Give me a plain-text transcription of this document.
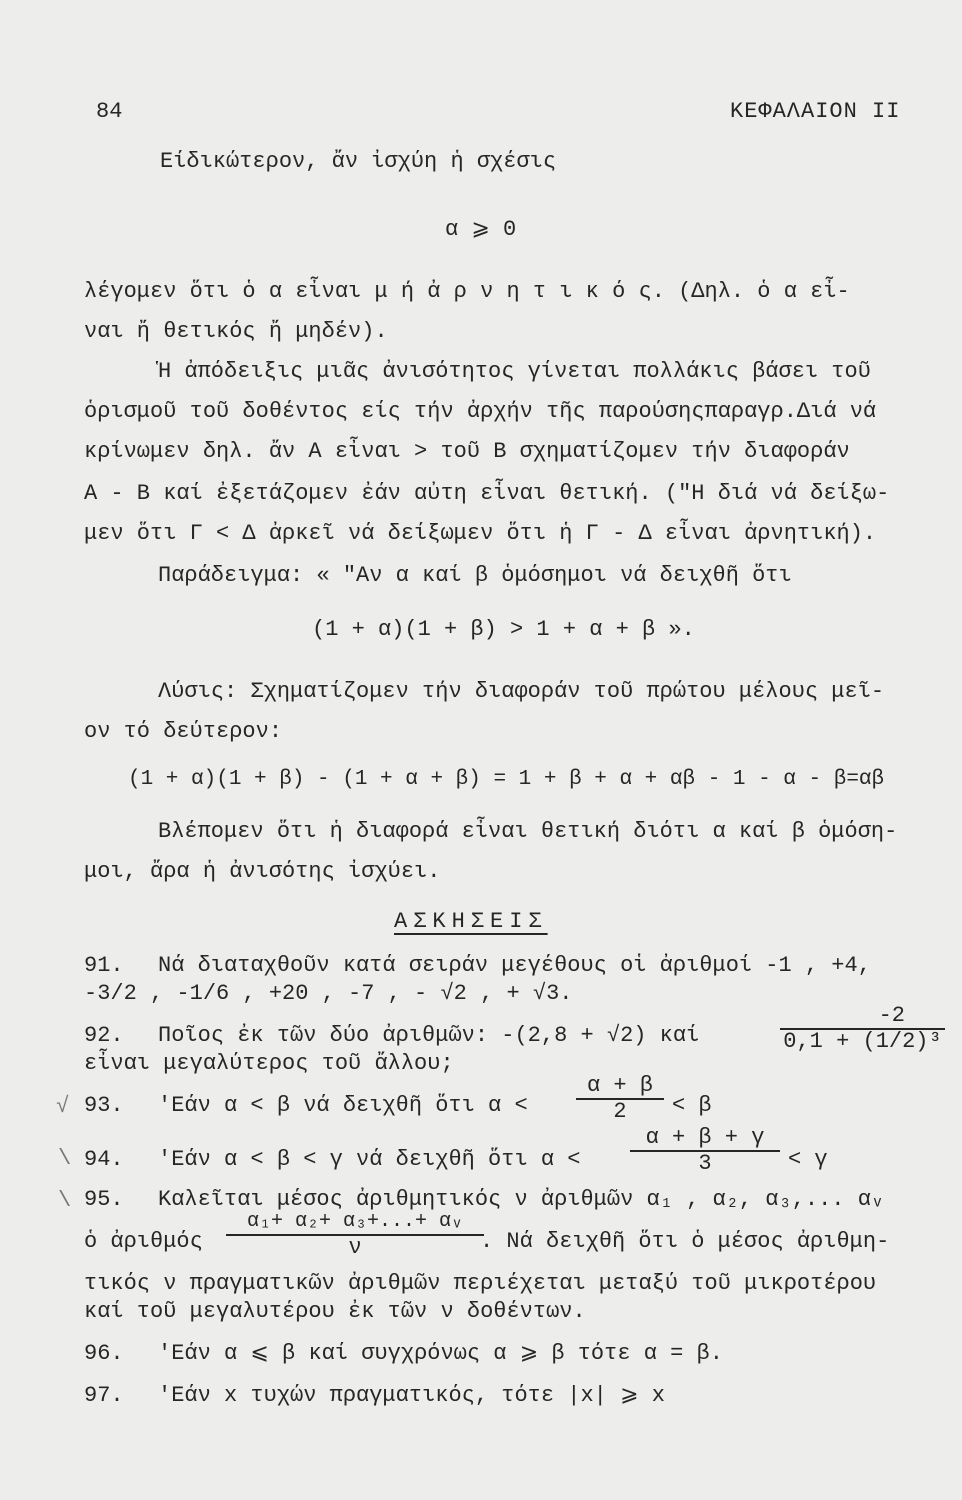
84	ΚΕΦΑΛΑΙΟΝ ΙΙ
Είδικώτερον, ἄν ἰσχύη ἡ σχέσις
α ⩾ 0
λέγομεν ὅτι ὁ α εἶναι μ ή ἀ ρ ν η τ ι κ ό ς. (Δηλ. ὁ α εἶ-
ναι ἤ θετικός ἤ μηδέν).
Ἡ ἀπόδειξις μιᾶς ἀνισότητος γίνεται πολλάκις βάσει τοῦ
ὁρισμοῦ τοῦ δοθέντος είς τήν ἀρχήν τῆς παρούσηςπαραγρ.Διά νά
κρίνωμεν δηλ. ἄν Α εἶναι > τοῦ Β σχηματίζομεν τήν διαφοράν
Α - Β καί ἐξετάζομεν ἐάν αὐτη εἶναι θετική. ("Η διά νά δείξω-
μεν ὅτι Γ < Δ ἀρκεῖ νά δείξωμεν ὅτι ἡ Γ - Δ εἶναι ἀρνητική).
Παράδειγμα: « "Αν α καί β ὁμόσημοι νά δειχθῆ ὅτι
(1 + α)(1 + β) > 1 + α + β ».
Λύσις: Σχηματίζομεν τήν διαφοράν τοῦ πρώτου μέλους μεῖ-
ον τό δεύτερον:
(1 + α)(1 + β) - (1 + α + β) = 1 + β + α + αβ - 1 - α - β=αβ
Βλέπομεν ὅτι ἡ διαφορά εἶναι θετική διότι α καί β ὁμόση-
μοι, ἄρα ἡ ἀνισότης ἰσχύει.
ΑΣΚΗΣΕΙΣ
91. Νά διαταχθοῦν κατά σειράν μεγέθους οἱ ἀριθμοί -1 , +4,
-3/2 , -1/6 , +20 , -7 , - √2 , + √3.
92. Ποῖος ἐκ τῶν δύο ἀριθμῶν: -(2,8 + √2) καί
εἶναι μεγαλύτερος τοῦ ἄλλου;
-2
0,1 + (1/2)³
√ 93. 'Εάν α < β νά δειχθῆ ὅτι α <
α + β
2	< β
\ 94. 'Εάν α < β < γ νά δειχθῆ ὅτι α <
α + β + γ
3	< γ
\ 95. Καλεῖται μέσος ἀριθμητικός ν ἀριθμῶν α₁ , α₂, α₃,... αᵥ
ὁ ἀριθμός
α₁+ α₂+ α₃+...+ αᵥ
ν	. Νά δειχθῆ ὅτι ὁ μέσος ἀριθμη-
τικός ν πραγματικῶν ἀριθμῶν περιέχεται μεταξύ τοῦ μικροτέρου
καί τοῦ μεγαλυτέρου ἐκ τῶν ν δοθέντων.
96. 'Εάν α ⩽ β καί συγχρόνως α ⩾ β τότε α = β.
97. 'Εάν x τυχών πραγματικός, τότε |x| ⩾ x
